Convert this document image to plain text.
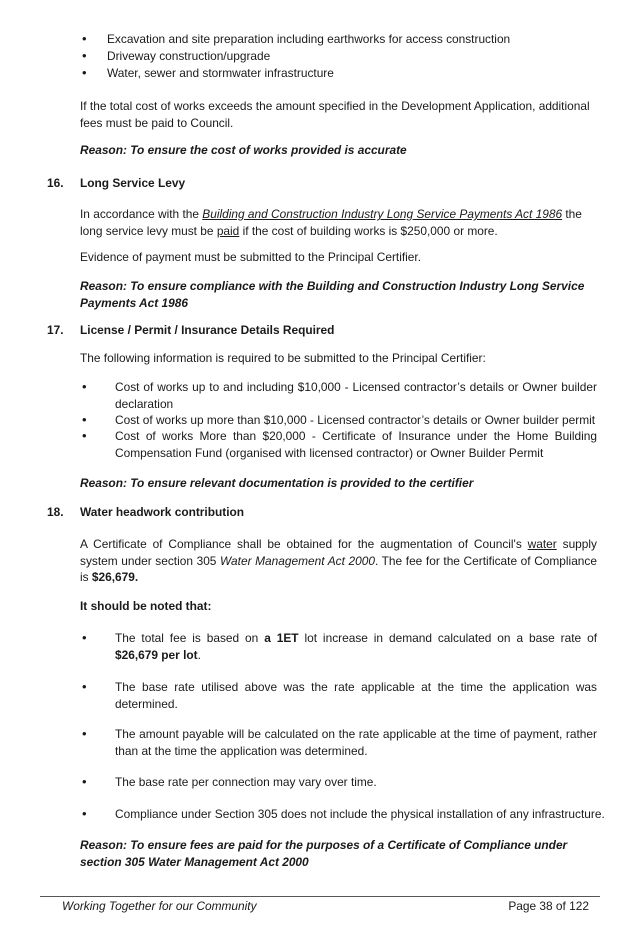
• Excavation and site preparation including earthworks for access construction
• Driveway construction/upgrade
• Water, sewer and stormwater infrastructure

If the total cost of works exceeds the amount specified in the Development Application, additional fees must be paid to Council.

Reason: To ensure the cost of works provided is accurate

16. Long Service Levy

In accordance with the Building and Construction Industry Long Service Payments Act 1986 the long service levy must be paid if the cost of building works is $250,000 or more.

Evidence of payment must be submitted to the Principal Certifier.

Reason: To ensure compliance with the Building and Construction Industry Long Service Payments Act 1986

17. License / Permit / Insurance Details Required

The following information is required to be submitted to the Principal Certifier:

• Cost of works up to and including $10,000 - Licensed contractor’s details or Owner builder declaration

• Cost of works up more than $10,000 - Licensed contractor’s details or Owner builder permit

• Cost of works More than $20,000 - Certificate of Insurance under the Home Building Compensation Fund (organised with licensed contractor) or Owner Builder Permit

Reason: To ensure relevant documentation is provided to the certifier

18. Water headwork contribution

A Certificate of Compliance shall be obtained for the augmentation of Council's water supply system under section 305 Water Management Act 2000. The fee for the Certificate of Compliance is $26,679.

It should be noted that:

• The total fee is based on a 1ET lot increase in demand calculated on a base rate of $26,679 per lot.

• The base rate utilised above was the rate applicable at the time the application was determined.

• The amount payable will be calculated on the rate applicable at the time of payment, rather than at the time the application was determined.

• The base rate per connection may vary over time.

• Compliance under Section 305 does not include the physical installation of any infrastructure.

Reason: To ensure fees are paid for the purposes of a Certificate of Compliance under section 305 Water Management Act 2000

Working Together for our Community	Page 38 of 122
